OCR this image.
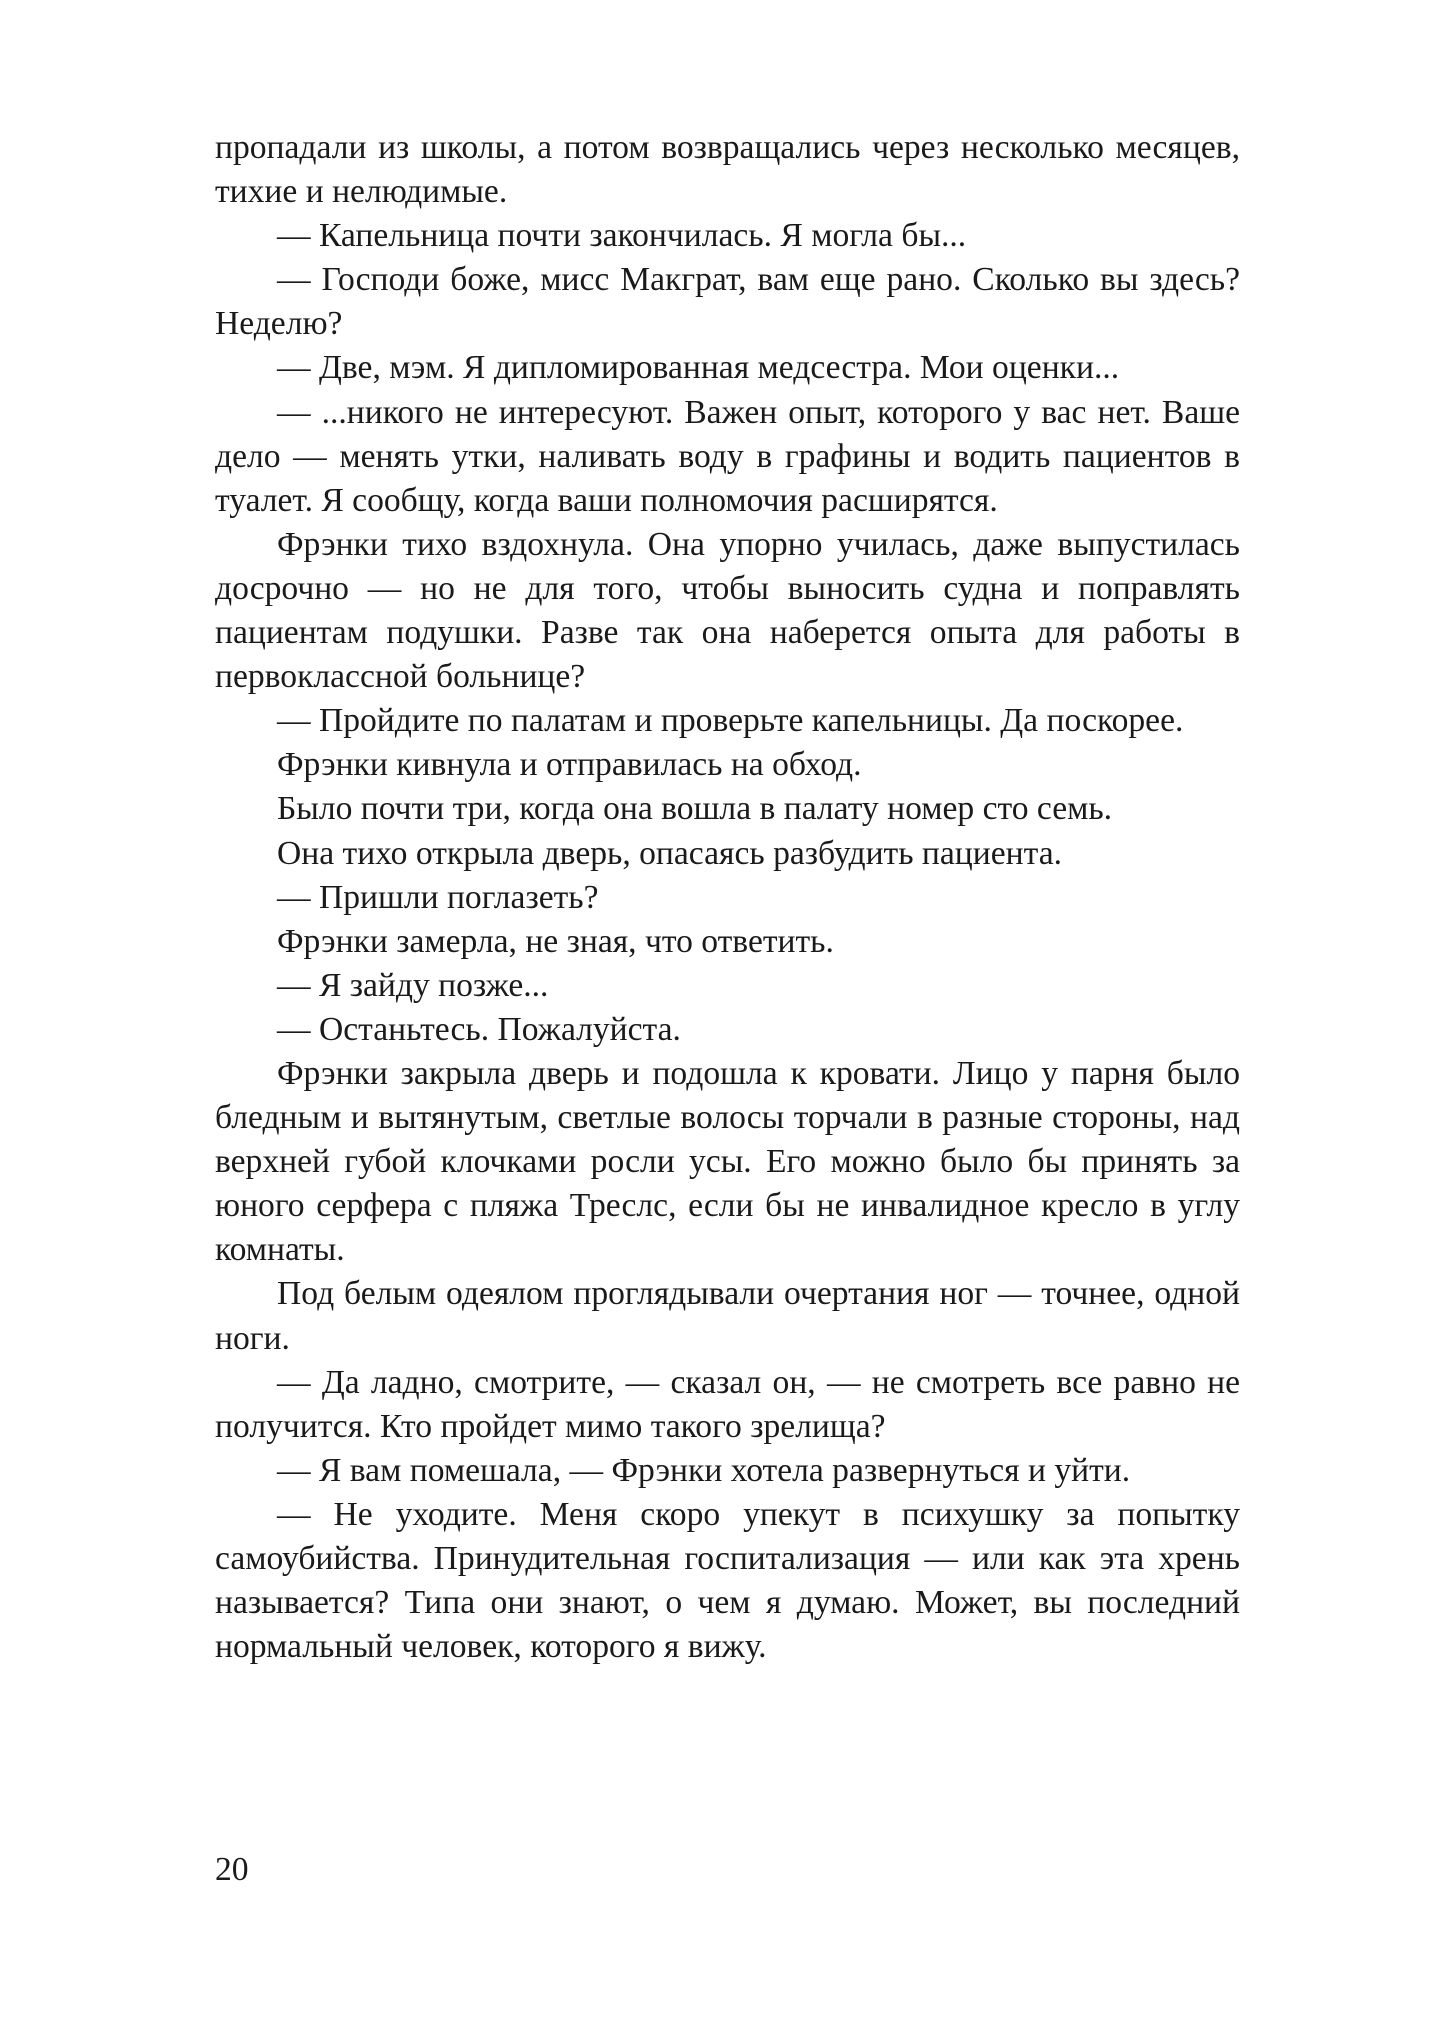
пропадали из школы, а потом возвращались через несколько месяцев, тихие и нелюдимые.

— Капельница почти закончилась. Я могла бы...

— Господи боже, мисс Макграт, вам еще рано. Сколько вы здесь? Неделю?

— Две, мэм. Я дипломированная медсестра. Мои оценки...

— ...никого не интересуют. Важен опыт, которого у вас нет. Ваше дело — менять утки, наливать воду в графины и водить пациентов в туалет. Я сообщу, когда ваши полномочия расширятся.

Фрэнки тихо вздохнула. Она упорно училась, даже выпустилась досрочно — но не для того, чтобы выносить судна и поправлять пациентам подушки. Разве так она наберется опыта для работы в первоклассной больнице?

— Пройдите по палатам и проверьте капельницы. Да поскорее.

Фрэнки кивнула и отправилась на обход.

Было почти три, когда она вошла в палату номер сто семь.

Она тихо открыла дверь, опасаясь разбудить пациента.

— Пришли поглазеть?

Фрэнки замерла, не зная, что ответить.

— Я зайду позже...

— Останьтесь. Пожалуйста.

Фрэнки закрыла дверь и подошла к кровати. Лицо у парня было бледным и вытянутым, светлые волосы торчали в разные стороны, над верхней губой клочками росли усы. Его можно было бы принять за юного серфера с пляжа Треслс, если бы не инвалидное кресло в углу комнаты.

Под белым одеялом проглядывали очертания ног — точнее, одной ноги.

— Да ладно, смотрите, — сказал он, — не смотреть все равно не получится. Кто пройдет мимо такого зрелища?

— Я вам помешала, — Фрэнки хотела развернуться и уйти.

— Не уходите. Меня скоро упекут в психушку за попытку самоубийства. Принудительная госпитализация — или как эта хрень называется? Типа они знают, о чем я думаю. Может, вы последний нормальный человек, которого я вижу.

20
